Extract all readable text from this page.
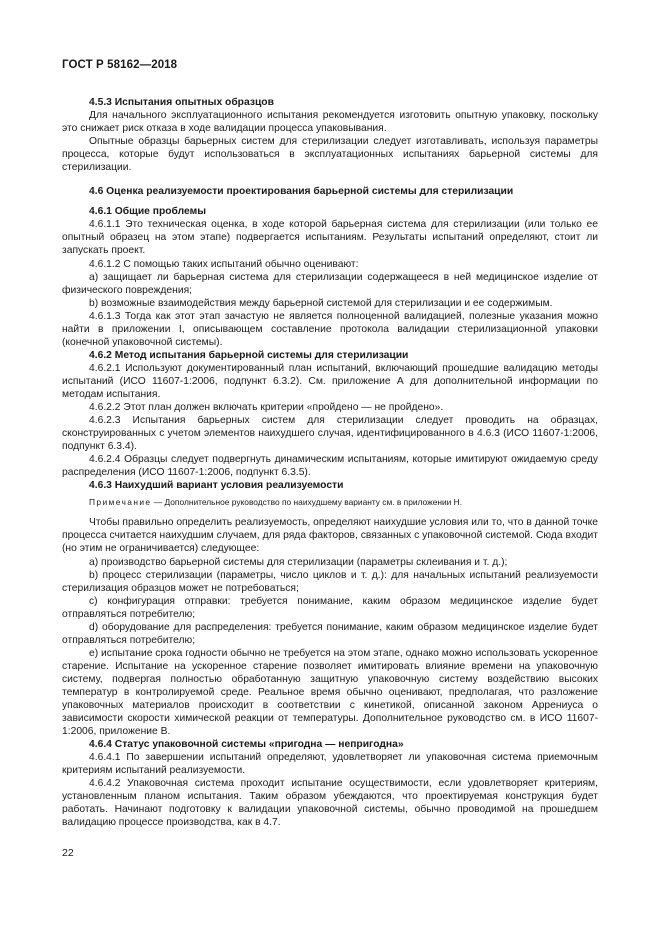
ГОСТ Р 58162—2018

4.5.3 Испытания опытных образцов

Для начального эксплуатационного испытания рекомендуется изготовить опытную упаковку, поскольку это снижает риск отказа в ходе валидации процесса упаковывания.

Опытные образцы барьерных систем для стерилизации следует изготавливать, используя параметры процесса, которые будут использоваться в эксплуатационных испытаниях барьерной системы для стерилизации.

4.6 Оценка реализуемости проектирования барьерной системы для стерилизации

4.6.1 Общие проблемы

4.6.1.1 Это техническая оценка, в ходе которой барьерная система для стерилизации (или только ее опытный образец на этом этапе) подвергается испытаниям. Результаты испытаний определяют, стоит ли запускать проект.

4.6.1.2 С помощью таких испытаний обычно оценивают:

a) защищает ли барьерная система для стерилизации содержащееся в ней медицинское изделие от физического повреждения;

b) возможные взаимодействия между барьерной системой для стерилизации и ее содержимым.

4.6.1.3 Тогда как этот этап зачастую не является полноценной валидацией, полезные указания можно найти в приложении I, описывающем составление протокола валидации стерилизационной упаковки (конечной упаковочной системы).

4.6.2 Метод испытания барьерной системы для стерилизации

4.6.2.1 Используют документированный план испытаний, включающий прошедшие валидацию методы испытаний (ИСО 11607-1:2006, подпункт 6.3.2). См. приложение А для дополнительной информации по методам испытания.

4.6.2.2 Этот план должен включать критерии «пройдено — не пройдено».

4.6.2.3 Испытания барьерных систем для стерилизации следует проводить на образцах, сконструированных с учетом элементов наихудшего случая, идентифицированного в 4.6.3 (ИСО 11607-1:2006, подпункт 6.3.4).

4.6.2.4 Образцы следует подвергнуть динамическим испытаниям, которые имитируют ожидаемую среду распределения (ИСО 11607-1:2006, подпункт 6.3.5).

4.6.3 Наихудший вариант условия реализуемости

Примечание — Дополнительное руководство по наихудшему варианту см. в приложении Н.

Чтобы правильно определить реализуемость, определяют наихудшие условия или то, что в данной точке процесса считается наихудшим случаем, для ряда факторов, связанных с упаковочной системой. Сюда входит (но этим не ограничивается) следующее:

a) производство барьерной системы для стерилизации (параметры склеивания и т. д.);

b) процесс стерилизации (параметры, число циклов и т. д.): для начальных испытаний реализуемости стерилизация образцов может не потребоваться;

c) конфигурация отправки: требуется понимание, каким образом медицинское изделие будет отправляться потребителю;

d) оборудование для распределения: требуется понимание, каким образом медицинское изделие будет отправляться потребителю;

e) испытание срока годности обычно не требуется на этом этапе, однако можно использовать ускоренное старение. Испытание на ускоренное старение позволяет имитировать влияние времени на упаковочную систему, подвергая полностью обработанную защитную упаковочную систему воздействию высоких температур в контролируемой среде. Реальное время обычно оценивают, предполагая, что разложение упаковочных материалов происходит в соответствии с кинетикой, описанной законом Аррениуса о зависимости скорости химической реакции от температуры. Дополнительное руководство см. в ИСО 11607-1:2006, приложение В.

4.6.4 Статус упаковочной системы «пригодна — непригодна»

4.6.4.1 По завершении испытаний определяют, удовлетворяет ли упаковочная система приемочным критериям испытаний реализуемости.

4.6.4.2 Упаковочная система проходит испытание осуществимости, если удовлетворяет критериям, установленным планом испытания. Таким образом убеждаются, что проектируемая конструкция будет работать. Начинают подготовку к валидации упаковочной системы, обычно проводимой на прошедшем валидацию процессе производства, как в 4.7.

22
